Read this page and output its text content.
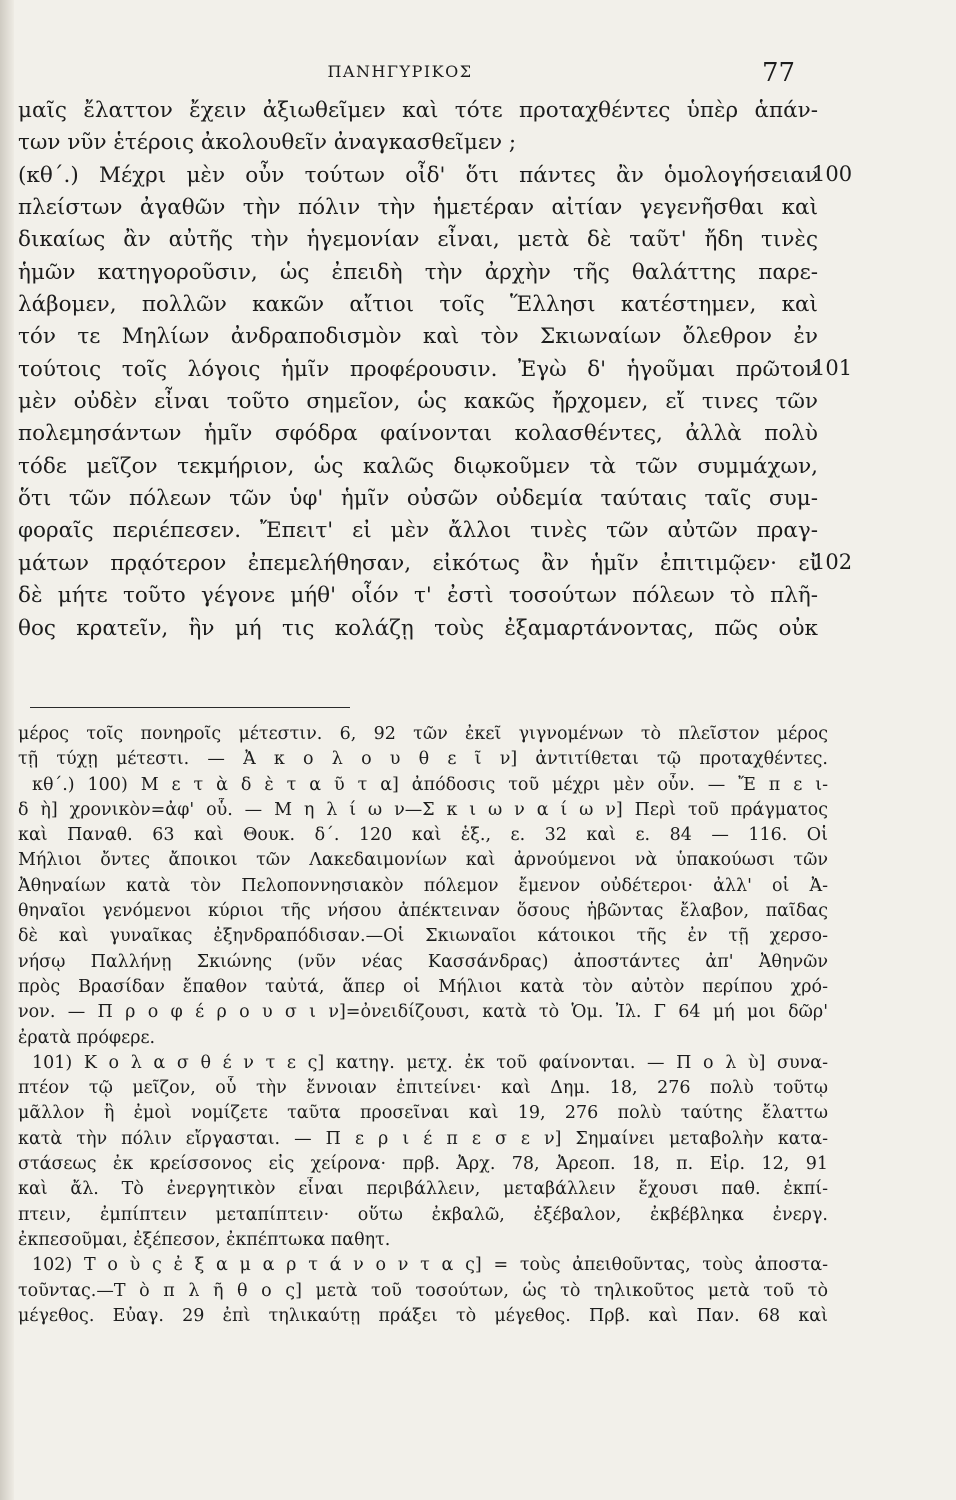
ΠΑΝΗΓΥΡΙΚΟΣ	77
μαῖς ἔλαττον ἔχειν ἀξιωθεῖμεν καὶ τότε προταχθέντες ὑπὲρ ἁπάν-
των νῦν ἑτέροις ἀκολουθεῖν ἀναγκασθεῖμεν ;
(κθ΄.) Μέχρι μὲν οὖν τούτων οἶδ' ὅτι πάντες ἂν ὁμολογήσειαν
πλείστων ἀγαθῶν τὴν πόλιν τὴν ἡμετέραν αἰτίαν γεγενῆσθαι καὶ
δικαίως ἂν αὐτῆς τὴν ἡγεμονίαν εἶναι, μετὰ δὲ ταῦτ' ἤδη τινὲς
ἡμῶν κατηγοροῦσιν, ὡς ἐπειδὴ τὴν ἀρχὴν τῆς θαλάττης παρε-
λάβομεν, πολλῶν κακῶν αἴτιοι τοῖς Ἕλλησι κατέστημεν, καὶ
τόν τε Μηλίων ἀνδραποδισμὸν καὶ τὸν Σκιωναίων ὄλεθρον ἐν
τούτοις τοῖς λόγοις ἡμῖν προφέρουσιν. Ἐγὼ δ' ἡγοῦμαι πρῶτον
μὲν οὐδὲν εἶναι τοῦτο σημεῖον, ὡς κακῶς ἤρχομεν, εἴ τινες τῶν
πολεμησάντων ἡμῖν σφόδρα φαίνονται κολασθέντες, ἀλλὰ πολὺ
τόδε μεῖζον τεκμήριον, ὡς καλῶς διῳκοῦμεν τὰ τῶν συμμάχων,
ὅτι τῶν πόλεων τῶν ὑφ' ἡμῖν οὐσῶν οὐδεμία ταύταις ταῖς συμ-
φοραῖς περιέπεσεν. Ἔπειτ' εἰ μὲν ἄλλοι τινὲς τῶν αὐτῶν πραγ-
μάτων πρᾳότερον ἐπεμελήθησαν, εἰκότως ἂν ἡμῖν ἐπιτιμῷεν· εἰ
δὲ μήτε τοῦτο γέγονε μήθ' οἷόν τ' ἐστὶ τοσούτων πόλεων τὸ πλῆ-
θος κρατεῖν, ἣν μή τις κολάζῃ τοὺς ἐξαμαρτάνοντας, πῶς οὐκ
100
101
102
μέρος τοῖς πονηροῖς μέτεστιν. 6, 92 τῶν ἐκεῖ γιγνομένων τὸ πλεῖστον μέρος
τῇ τύχῃ μέτεστι. — Ἀ κ ο λ ο υ θ ε ῖ ν] ἀντιτίθεται τῷ προταχθέντες.
κθ΄.) 100) Μ ε τ ὰ δ ὲ τ α ῦ τ α] ἀπόδοσις τοῦ μέχρι μὲν οὖν. — Ἔ π ε ι-
δ ὴ] χρονικὸν=ἀφ' οὗ. — Μ η λ ί ω ν—Σ κ ι ω ν α ί ω ν] Περὶ τοῦ πράγματος
καὶ Παναθ. 63 καὶ Θουκ. δ΄. 120 καὶ ἑξ., ε. 32 καὶ ε. 84 — 116. Οἱ
Μήλιοι ὄντες ἄποικοι τῶν Λακεδαιμονίων καὶ ἀρνούμενοι νὰ ὑπακούωσι τῶν
Ἀθηναίων κατὰ τὸν Πελοποννησιακὸν πόλεμον ἔμενον οὐδέτεροι· ἀλλ' οἱ Ἀ-
θηναῖοι γενόμενοι κύριοι τῆς νήσου ἀπέκτειναν ὅσους ἡβῶντας ἔλαβον, παῖδας
δὲ καὶ γυναῖκας ἐξηνδραπόδισαν.—Οἱ Σκιωναῖοι κάτοικοι τῆς ἐν τῇ χερσο-
νήσῳ Παλλήνῃ Σκιώνης (νῦν νέας Κασσάνδρας) ἀποστάντες ἀπ' Ἀθηνῶν
πρὸς Βρασίδαν ἔπαθον ταὐτά, ἅπερ οἱ Μήλιοι κατὰ τὸν αὐτὸν περίπου χρό-
νον. — Π ρ ο φ έ ρ ο υ σ ι ν]=ὀνειδίζουσι, κατὰ τὸ Ὁμ. Ἰλ. Γ 64 μή μοι δῶρ'
ἐρατὰ πρόφερε.
101) Κ ο λ α σ θ έ ν τ ε ς] κατηγ. μετχ. ἐκ τοῦ φαίνονται. — Π ο λ ὺ] συνα-
πτέον τῷ μεῖζον, οὗ τὴν ἔννοιαν ἐπιτείνει· καὶ Δημ. 18, 276 πολὺ τοῦτῳ
μᾶλλον ἢ ἐμοὶ νομίζετε ταῦτα προσεῖναι καὶ 19, 276 πολὺ ταύτης ἔλαττω
κατὰ τὴν πόλιν εἴργασται. — Π ε ρ ι έ π ε σ ε ν] Σημαίνει μεταβολὴν κατα-
στάσεως ἐκ κρείσσονος εἰς χείρονα· πρβ. Ἀρχ. 78, Ἀρεοπ. 18, π. Εἰρ. 12, 91
καὶ ἄλ. Τὸ ἐνεργητικὸν εἶναι περιβάλλειν, μεταβάλλειν ἔχουσι παθ. ἐκπί-
πτειν, ἐμπίπτειν μεταπίπτειν· οὕτω ἐκβαλῶ, ἐξέβαλον, ἐκβέβληκα ἐνεργ.
ἐκπεσοῦμαι, ἐξέπεσον, ἐκπέπτωκα παθητ.
102) Τ ο ὺ ς ἐ ξ α μ α ρ τ ά ν ο ν τ α ς] = τοὺς ἀπειθοῦντας, τοὺς ἀποστα-
τοῦντας.—Τ ὸ π λ ῆ θ ο ς] μετὰ τοῦ τοσούτων, ὡς τὸ τηλικοῦτος μετὰ τοῦ τὸ
μέγεθος. Εὐαγ. 29 ἐπὶ τηλικαύτῃ πράξει τὸ μέγεθος. Πρβ. καὶ Παν. 68 καὶ
